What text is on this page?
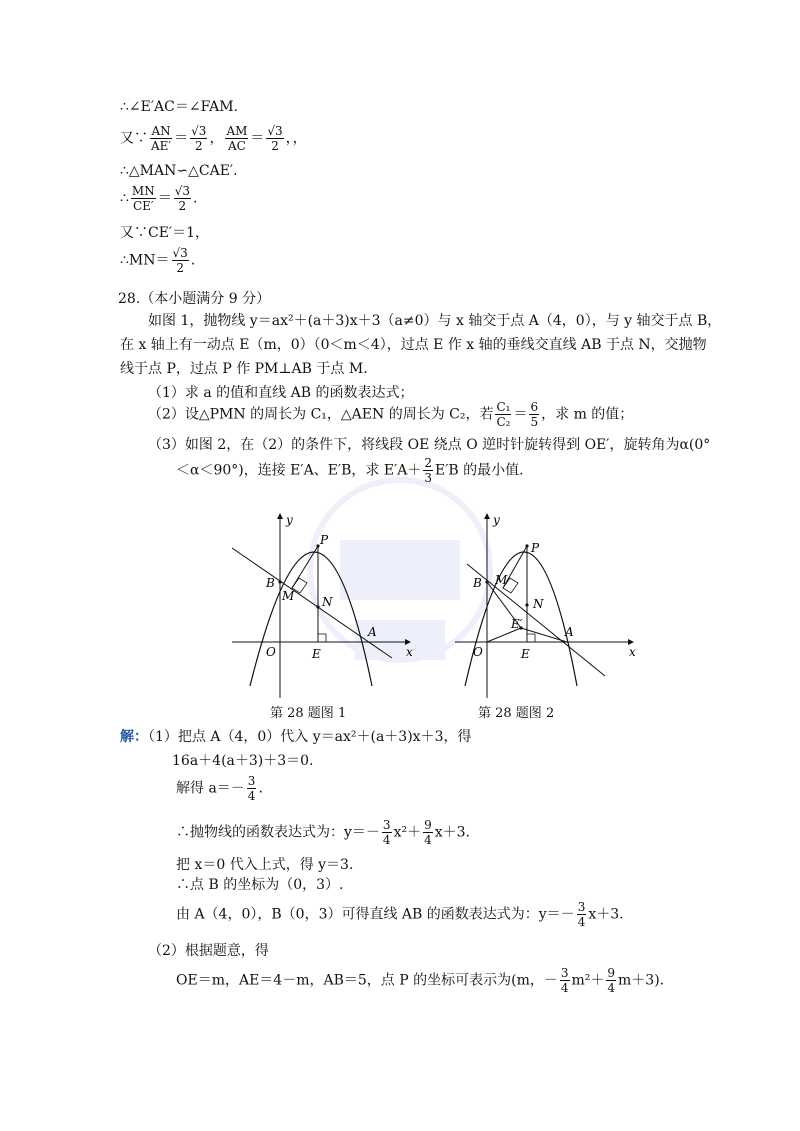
∴∠E′AC＝∠FAM.
又∵ $\frac{AN}{AE'} = \frac{√3}{2}$ ， $\frac{AM}{AC} = \frac{√3}{2}$ ，，
∴△MAN∽△CAE′.
∴ $\frac{MN}{CE'} = \frac{√3}{2}$ .
又∵CE′＝1，
∴MN＝ $\frac{√3}{2}$ .
28.（本小题满分 9 分）
如图 1，抛物线 y＝ax²＋(a＋3)x＋3（a≠0）与 x 轴交于点 A（4，0），与 y 轴交于点 B，
在 x 轴上有一动点 E（m，0）（0＜m＜4），过点 E 作 x 轴的垂线交直线 AB 于点 N，交抛物
线于点 P，过点 P 作 PM⊥AB 于点 M.
（1）求 a 的值和直线 AB 的函数表达式；
（2）设△PMN 的周长为 C₁，△AEN 的周长为 C₂，若 $\frac{\text{C₁}}{\text{C₂}} = \frac{6}{5}$ ，求 m 的值；
（3）如图 2，在（2）的条件下，将线段 OE 绕点 O 逆时针旋转得到 OE′，旋转角为α(0°
＜α＜90°)，连接 E′A、E′B，求 $E'A+ \frac{2}{3} E'B$ 的最小值.
y
x
O
P
B
M N
A
E
y
x
O
P
B M
N
A
E
E′
第 28 题图 1	第 28 题图 2
解：（1）把点 A（4，0）代入 y＝ax²＋(a＋3)x＋3，得
16a＋4(a＋3)＋3＝0.
解得 $a=- \frac{3}{4}$ .
∴抛物线的函数表达式为：$y=- \frac{3}{4} x^2+ \frac{9}{4} x+3$.
把 x＝0 代入上式，得 y＝3.
∴点 B 的坐标为（0，3）.
由 A（4，0），B（0，3）可得直线 AB 的函数表达式为：$y=- \frac{3}{4} x+3$.
（2）根据题意，得
OE＝m，AE＝4－m，AB＝5，点 P 的坐标可表示为(m，－ $\frac{3}{4} m^2+ \frac{9}{4} m+3$).
